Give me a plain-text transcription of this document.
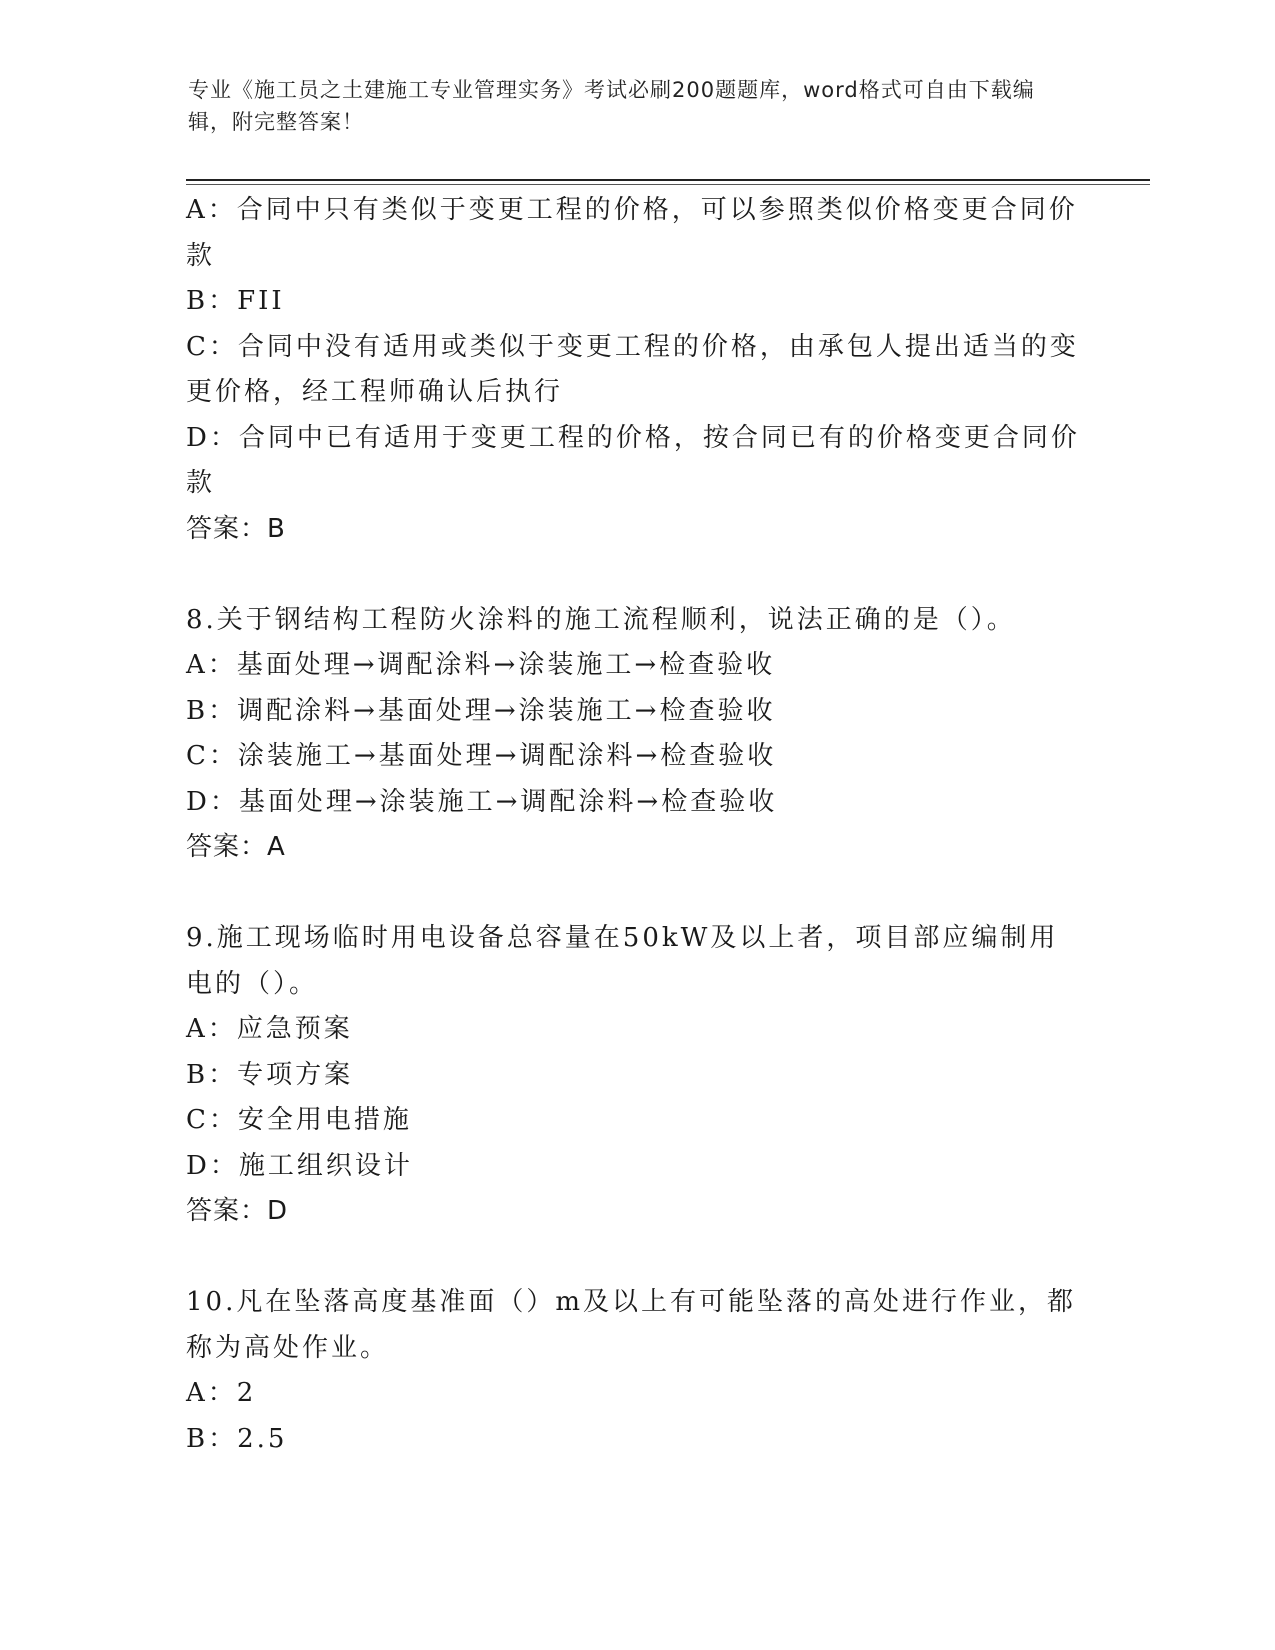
专业《施工员之土建施工专业管理实务》考试必刷200题题库，word格式可自由下载编辑，附完整答案！

A：合同中只有类似于变更工程的价格，可以参照类似价格变更合同价款

B：FII

C：合同中没有适用或类似于变更工程的价格，由承包人提出适当的变更价格，经工程师确认后执行

D：合同中已有适用于变更工程的价格，按合同已有的价格变更合同价款

答案：B

8.关于钢结构工程防火涂料的施工流程顺利，说法正确的是（）。

A：基面处理→调配涂料→涂装施工→检查验收

B：调配涂料→基面处理→涂装施工→检查验收

C：涂装施工→基面处理→调配涂料→检查验收

D：基面处理→涂装施工→调配涂料→检查验收

答案：A

9.施工现场临时用电设备总容量在50kW及以上者，项目部应编制用电的（）。

A：应急预案

B：专项方案

C：安全用电措施

D：施工组织设计

答案：D

10.凡在坠落高度基准面（）m及以上有可能坠落的高处进行作业，都称为高处作业。

A：2

B：2.5
